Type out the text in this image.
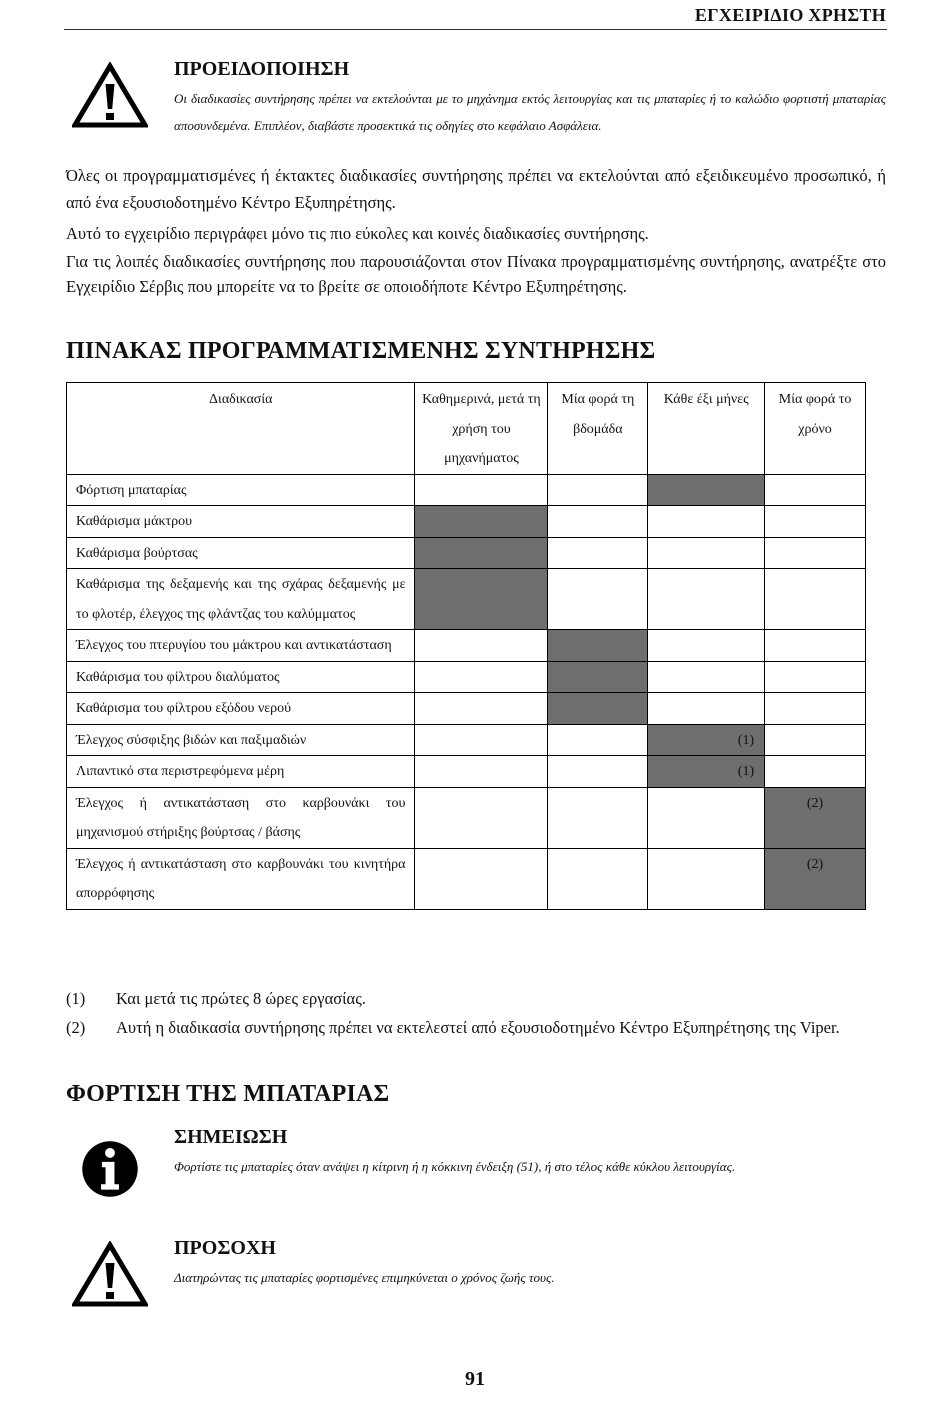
ΕΓΧΕΙΡΙΔΙΟ ΧΡΗΣΤΗ
ΠΡΟΕΙΔΟΠΟΙΗΣΗ
Οι διαδικασίες συντήρησης πρέπει να εκτελούνται με το μηχάνημα εκτός λειτουργίας και τις μπαταρίες ή το καλώδιο φορτιστή μπαταρίας αποσυνδεμένα. Επιπλέον, διαβάστε προσεκτικά τις οδηγίες στο κεφάλαιο Ασφάλεια.
Όλες οι προγραμματισμένες ή έκτακτες διαδικασίες συντήρησης πρέπει να εκτελούνται από εξειδικευμένο προσωπικό, ή από ένα εξουσιοδοτημένο Κέντρο Εξυπηρέτησης.
Αυτό το εγχειρίδιο περιγράφει μόνο τις πιο εύκολες και κοινές διαδικασίες συντήρησης.
Για τις λοιπές διαδικασίες συντήρησης που παρουσιάζονται στον Πίνακα προγραμματισμένης συντήρησης, ανατρέξτε στο Εγχειρίδιο Σέρβις που μπορείτε να το βρείτε σε οποιοδήποτε Κέντρο Εξυπηρέτησης.
ΠΙΝΑΚΑΣ ΠΡΟΓΡΑΜΜΑΤΙΣΜΕΝΗΣ ΣΥΝΤΗΡΗΣΗΣ
Διαδικασία	Καθημερινά, μετά τη χρήση του μηχανήματος	Μία φορά τη βδομάδα	Κάθε έξι μήνες	Μία φορά το χρόνο
Φόρτιση μπαταρίας				
Καθάρισμα μάκτρου				
Καθάρισμα βούρτσας				
Καθάρισμα της δεξαμενής και της σχάρας δεξαμενής με το φλοτέρ, έλεγχος της φλάντζας του καλύμματος				
Έλεγχος του πτερυγίου του μάκτρου και αντικατάσταση				
Καθάρισμα του φίλτρου διαλύματος				
Καθάρισμα του φίλτρου εξόδου νερού				
Έλεγχος σύσφιξης βιδών και παξιμαδιών			(1)	
Λιπαντικό στα περιστρεφόμενα μέρη			(1)	
Έλεγχος ή αντικατάσταση στο καρβουνάκι του μηχανισμού στήριξης βούρτσας / βάσης				(2)
Έλεγχος ή αντικατάσταση στο καρβουνάκι του κινητήρα απορρόφησης				(2)
(1) Και μετά τις πρώτες 8 ώρες εργασίας.
(2) Αυτή η διαδικασία συντήρησης πρέπει να εκτελεστεί από εξουσιοδοτημένο Κέντρο Εξυπηρέτησης της Viper.
ΦΟΡΤΙΣΗ ΤΗΣ ΜΠΑΤΑΡΙΑΣ
ΣΗΜΕΙΩΣΗ
Φορτίστε τις μπαταρίες όταν ανάψει η κίτρινη ή η κόκκινη ένδειξη (51), ή στο τέλος κάθε κύκλου λειτουργίας.
ΠΡΟΣΟΧΗ
Διατηρώντας τις μπαταρίες φορτισμένες επιμηκύνεται ο χρόνος ζωής τους.
91
